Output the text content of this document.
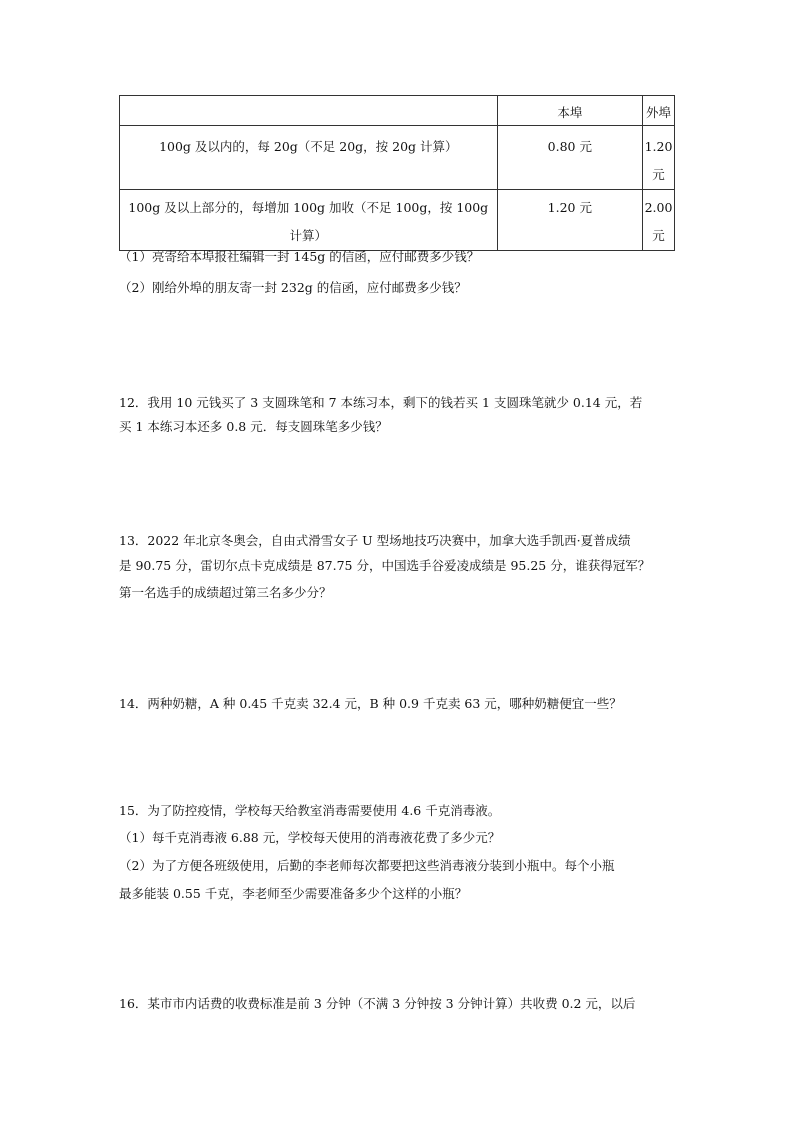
	本埠	外埠
100g 及以内的，每 20g（不足 20g，按 20g 计算）	0.80 元	1.20 元
100g 及以上部分的，每增加 100g 加收（不足 100g，按 100g 计算）	1.20 元	2.00 元

（1）亮寄给本埠报社编辑一封 145g 的信函，应付邮费多少钱？

（2）刚给外埠的朋友寄一封 232g 的信函，应付邮费多少钱？

12．我用 10 元钱买了 3 支圆珠笔和 7 本练习本，剩下的钱若买 1 支圆珠笔就少 0.14 元，若

买 1 本练习本还多 0.8 元．每支圆珠笔多少钱？

13．2022 年北京冬奥会，自由式滑雪女子 U 型场地技巧决赛中，加拿大选手凯西·夏普成绩

是 90.75 分，雷切尔点卡克成绩是 87.75 分，中国选手谷爱凌成绩是 95.25 分，谁获得冠军？

第一名选手的成绩超过第三名多少分？

14．两种奶糖，A 种 0.45 千克卖 32.4 元，B 种 0.9 千克卖 63 元，哪种奶糖便宜一些？

15．为了防控疫情，学校每天给教室消毒需要使用 4.6 千克消毒液。

（1）每千克消毒液 6.88 元，学校每天使用的消毒液花费了多少元？

（2）为了方便各班级使用，后勤的李老师每次都要把这些消毒液分装到小瓶中。每个小瓶

最多能装 0.55 千克，李老师至少需要准备多少个这样的小瓶？

16．某市市内话费的收费标准是前 3 分钟（不满 3 分钟按 3 分钟计算）共收费 0.2 元，以后
